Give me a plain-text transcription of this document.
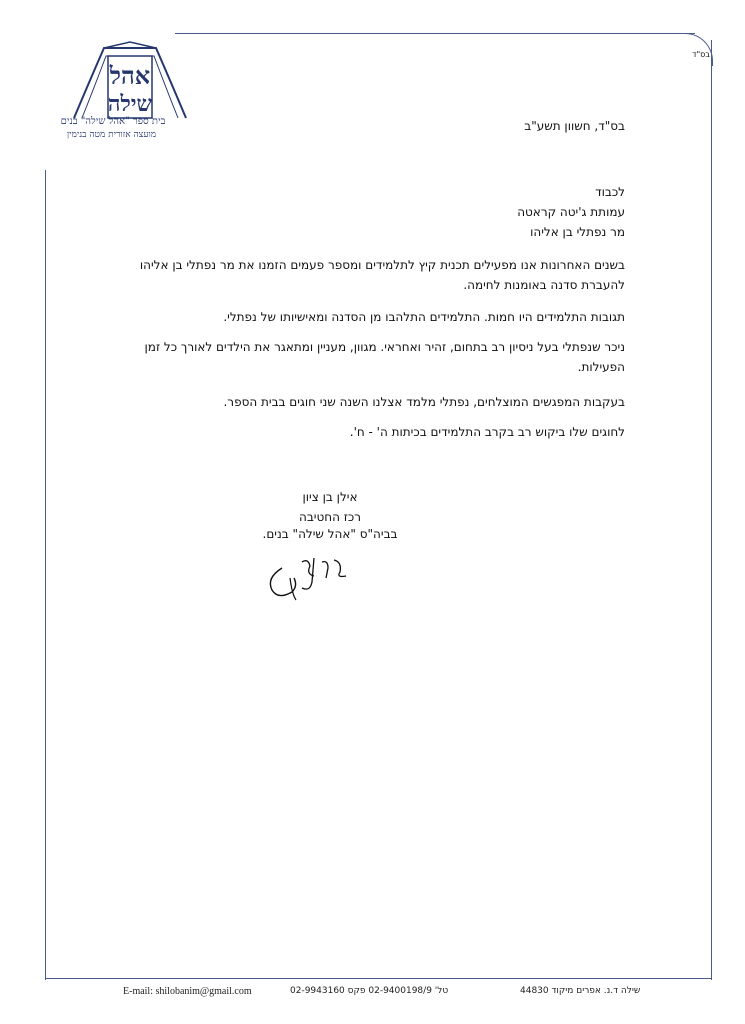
אהל
שילה
בית ספר "אהל שילה" בנים
מועצה אזורית מטה בנימין
בס"ד
בס"ד, חשוון תשע"ב
לכבוד
עמותת ג'יטה קראטה
מר נפתלי בן אליהו
בשנים האחרונות אנו מפעילים תכנית קיץ לתלמידים ומספר פעמים הזמנו את מר נפתלי בן אליהו להעברת סדנה באומנות לחימה.
תגובות התלמידים היו חמות. התלמידים התלהבו מן הסדנה ומאישיותו של נפתלי.
ניכר שנפתלי בעל ניסיון רב בתחום, זהיר ואחראי. מגוון, מעניין ומתאגר את הילדים לאורך כל זמן הפעילות.
בעקבות המפגשים המוצלחים, נפתלי מלמד אצלנו השנה שני חוגים בבית הספר.
לחוגים שלו ביקוש רב בקרב התלמידים בכיתות ה' - ח'.
אילן בן ציון
רכז החטיבה
בביה"ס "אהל שילה" בנים.
E-mail: shilobanim@gmail.com	טל' 02-9400198/9 פקס 02-9943160	שילה ד.נ. אפרים מיקוד 44830
